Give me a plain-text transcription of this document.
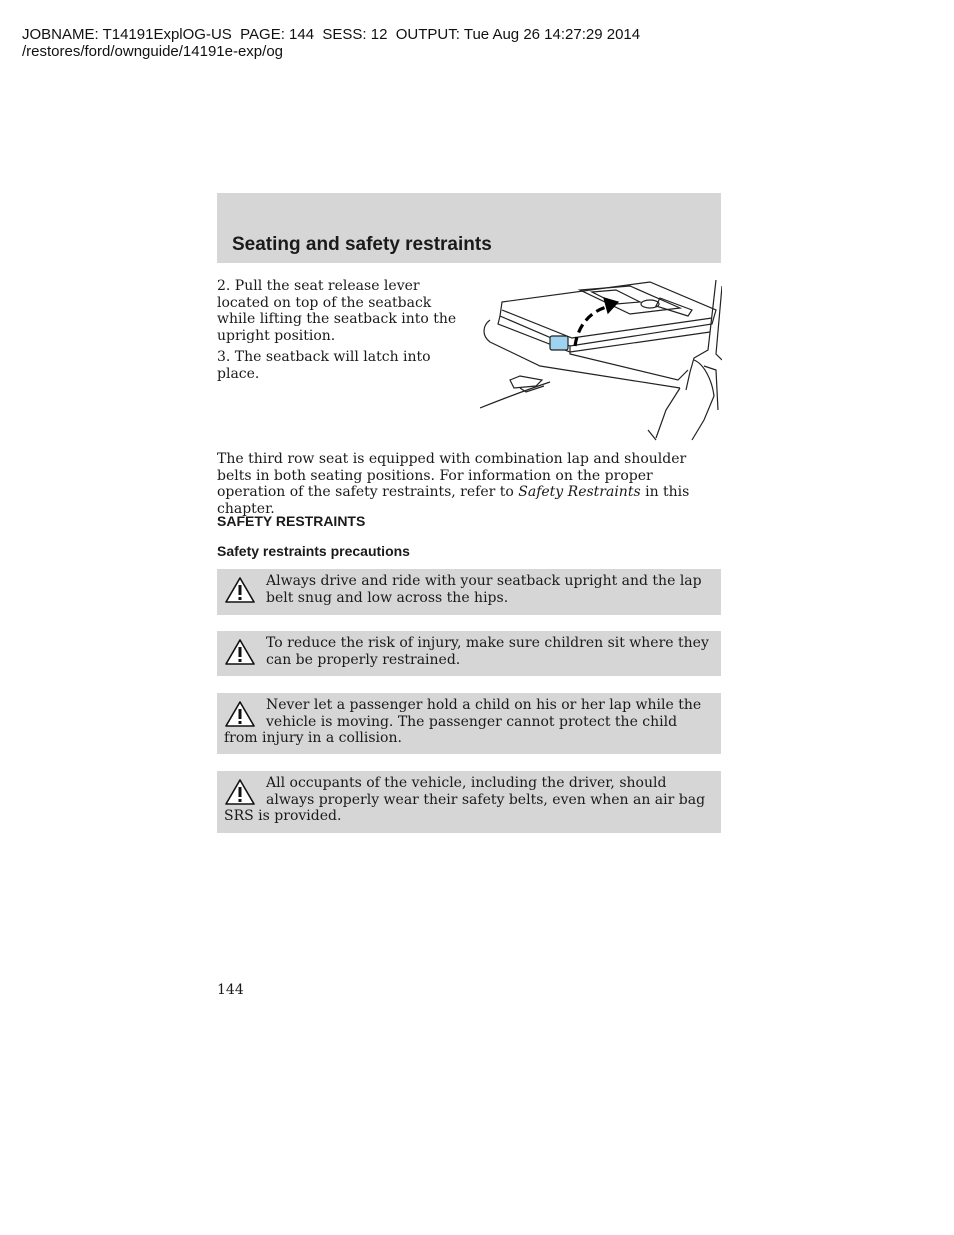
JOBNAME: T14191ExplOG-US  PAGE: 144  SESS: 12  OUTPUT: Tue Aug 26 14:27:29 2014
/restores/ford/ownguide/14191e-exp/og
Seating and safety restraints

2. Pull the seat release lever located on top of the seatback while lifting the seatback into the upright position.

3. The seatback will latch into place.

The third row seat is equipped with combination lap and shoulder belts in both seating positions. For information on the proper operation of the safety restraints, refer to Safety Restraints in this chapter.

SAFETY RESTRAINTS
Safety restraints precautions
Always drive and ride with your seatback upright and the lap belt snug and low across the hips.
To reduce the risk of injury, make sure children sit where they can be properly restrained.
Never let a passenger hold a child on his or her lap while the vehicle is moving. The passenger cannot protect the child from injury in a collision.
All occupants of the vehicle, including the driver, should always properly wear their safety belts, even when an air bag SRS is provided.
144
